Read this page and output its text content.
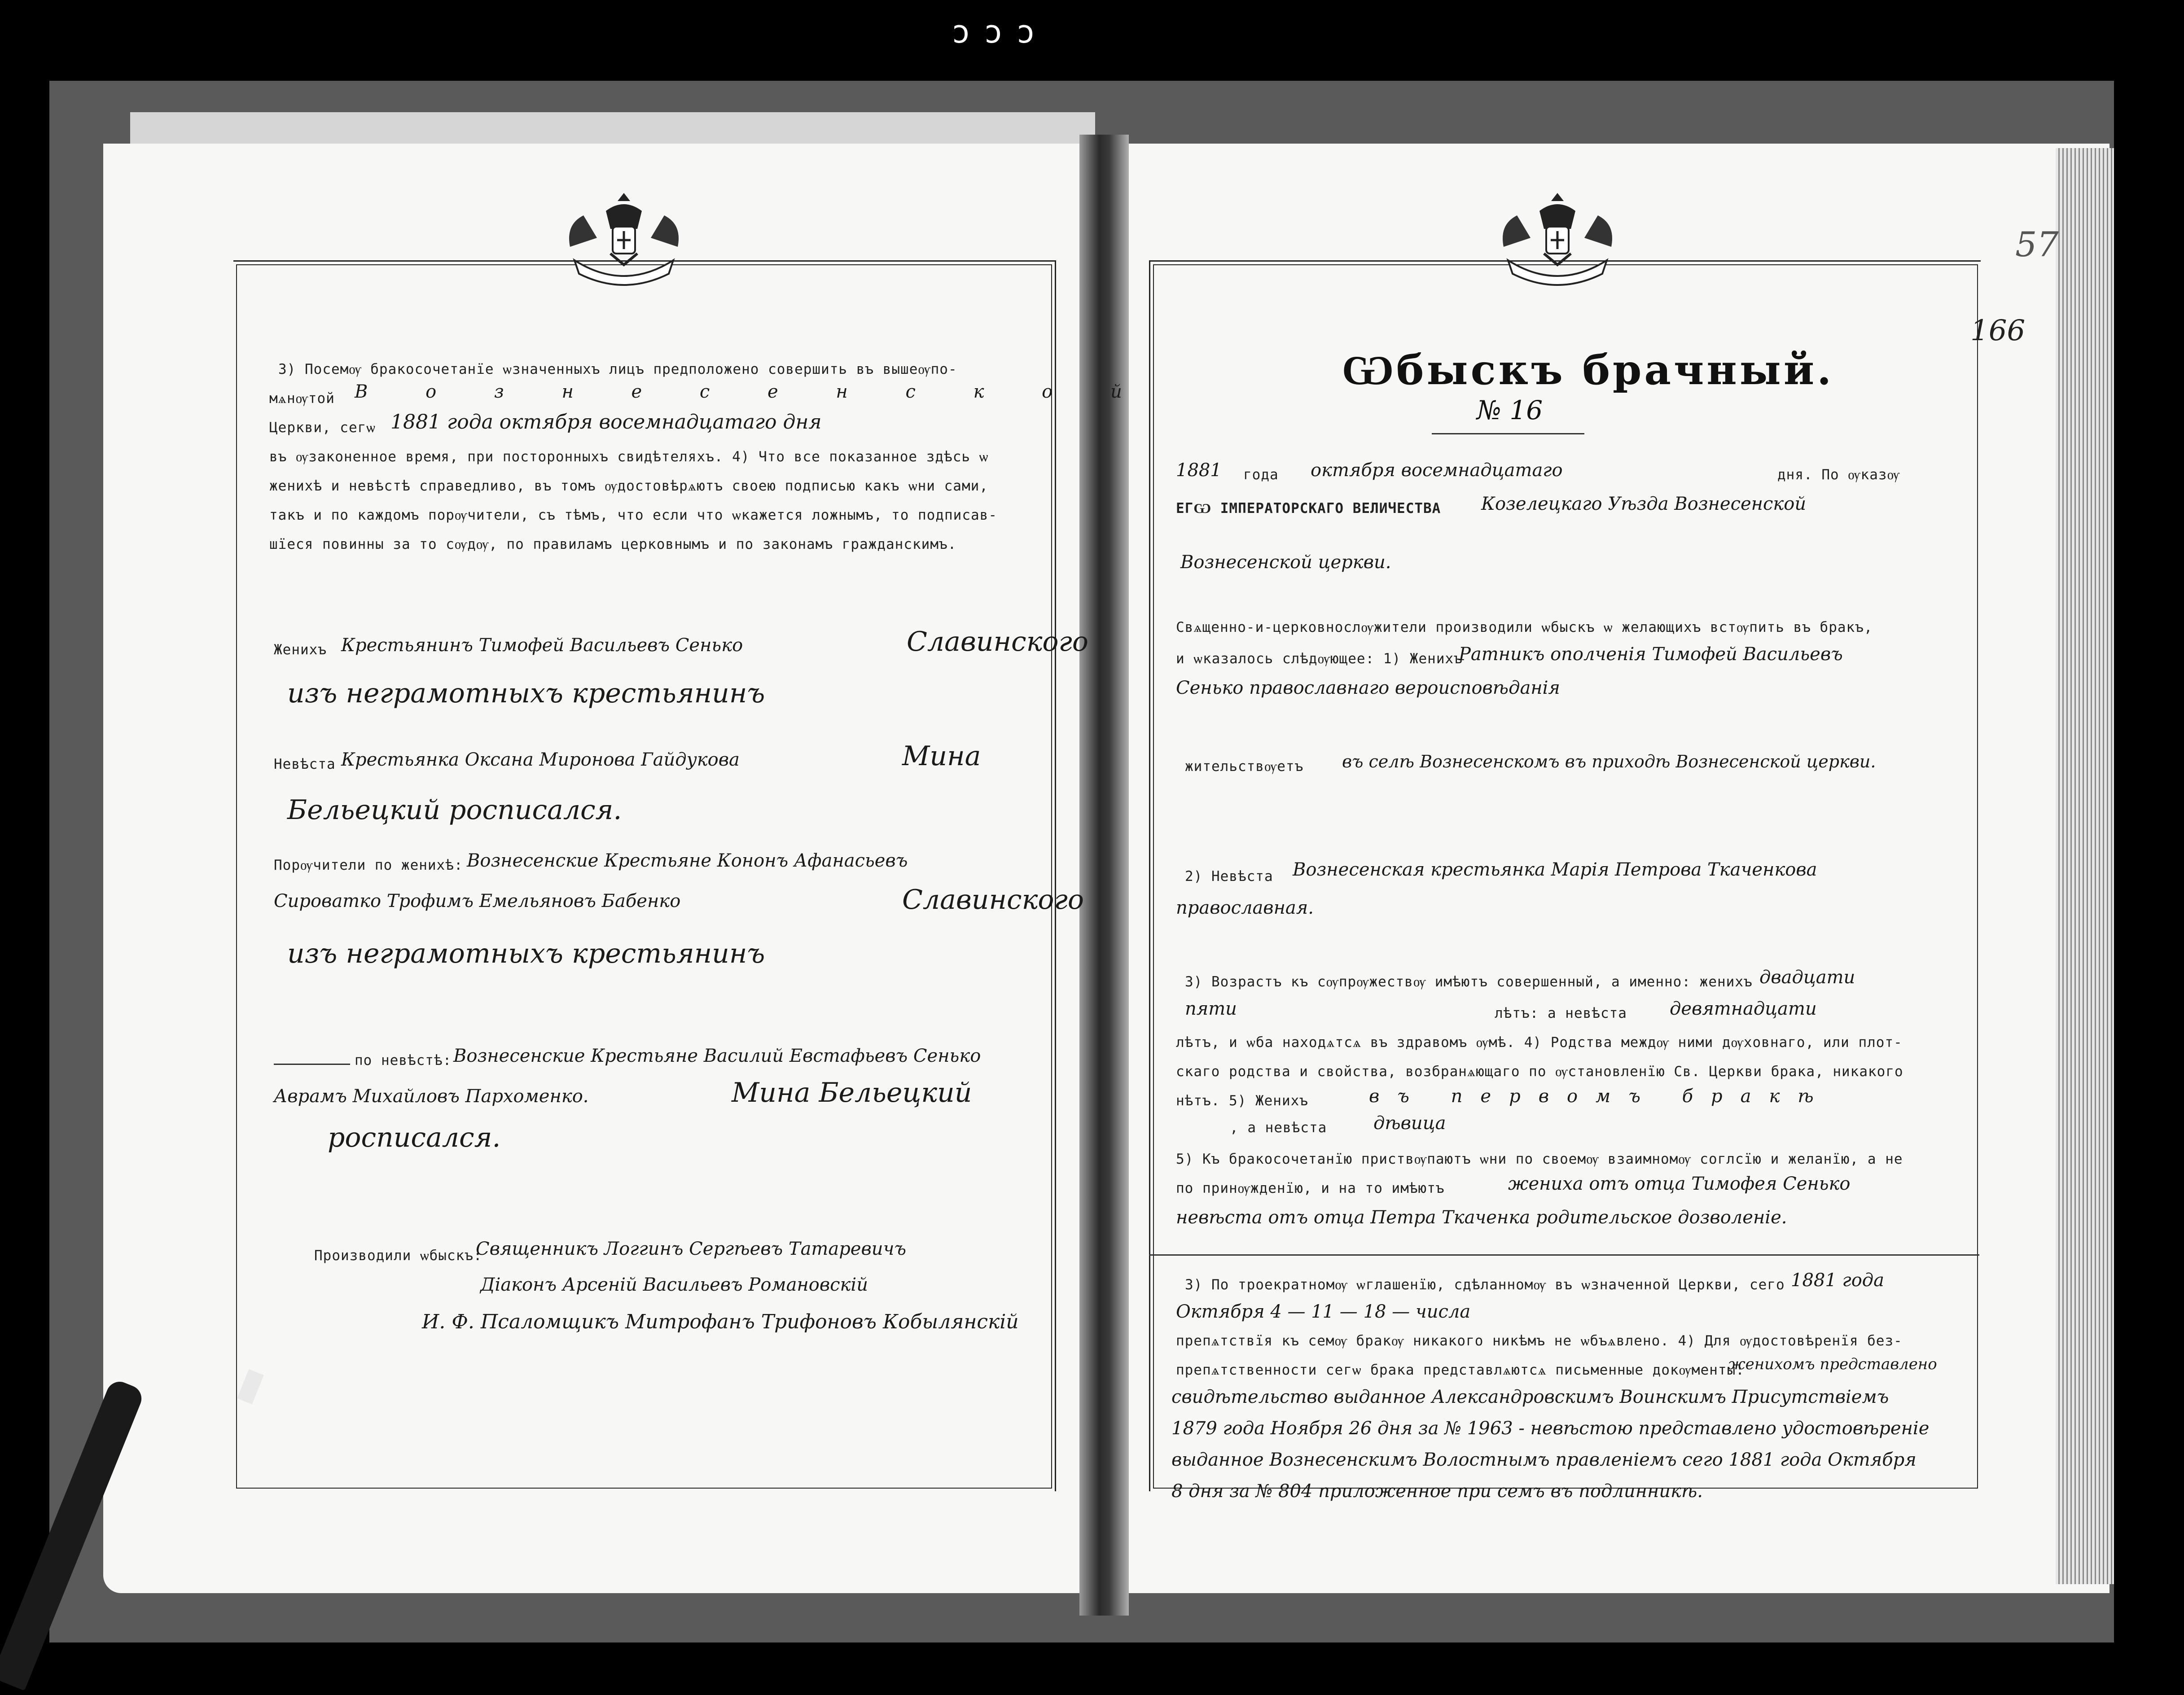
ɔɔɔ
3) Посемѹ бракосочетанїе ѡзначенныхъ лицъ предположено совершить въ вышеѹпо-
мѧнѹтой В о з н е с е н с к о й
Церкви, сегѡ 1881 года октября восемнадцатаго дня
въ ѹзаконенное время, при посторонныхъ свидѣтеляхъ. 4) Что все показанное здѣсь ѡ
женихѣ и невѣстѣ справедливо, въ томъ ѹдостовѣрѧютъ своею подписью какъ ѡни сами,
такъ и по каждомъ порѹчители, съ тѣмъ, что если что ѡкажется ложнымъ, то подписав-
шїеся повинны за то сѹдѹ, по правиламъ церковнымъ и по законамъ гражданскимъ.
Женихъ Крестьянинъ Тимофей Васильевъ Сенько	Славинского
изъ неграмотныхъ крестьянинъ
Невѣста Крестьянка Оксана Миронова Гайдукова	Мина
Бельецкий росписался.
Порѹчители по женихѣ: Вознесенские Крестьяне Кононъ Афанасьевъ
Сироватко Трофимъ Емельяновъ Бабенко	Славинского
изъ неграмотныхъ крестьянинъ
по невѣстѣ: Вознесенские Крестьяне Василий Евстафьевъ Сенько
Аврамъ Михайловъ Пархоменко.	Мина Бельецкий
росписался.
Производили ѡбыскъ:
Священникъ Логгинъ Сергѣевъ Татаревичъ
Діаконъ Арсеній Васильевъ Романовскій
И. Ф. Псаломщикъ Митрофанъ Трифоновъ Кобылянскій
57
166
Ѡбыскъ брачный.
№ 16
1881 года октября восемнадцатаго	дня. По ѹказѹ
ЕГѠ ІМПЕРАТОРСКАГО ВЕЛИЧЕСТВА Козелецкаго Уѣзда Вознесенской
Вознесенской церкви.
Свѧщенно-и-церковнослѹжители производили ѡбыскъ ѡ желающихъ встѹпить въ бракъ,
и ѡказалось слѣдѹющее: 1) Женихъ
Ратникъ ополченія Тимофей Васильевъ
Сенько православнаго вероисповѣданія
жительствѹетъ въ селѣ Вознесенскомъ въ приходѣ Вознесенской церкви.
2) Невѣста Вознесенская крестьянка Марія Петрова Ткаченкова
православная.
3) Возрастъ къ сѹпрѹжествѹ имѣютъ совершенный, а именно: женихъ двадцати
пяти	лѣтъ: а невѣста девятнадцати
лѣтъ, и ѡба находѧтсѧ въ здравомъ ѹмѣ. 4) Родства междѹ ними дѹховнаго, или плот-
скаго родства и свойства, возбранѧющаго по ѹстановленїю Св. Церкви брака, никакого
нѣтъ. 5) Женихъ	въ первомъ бракѣ
, а невѣста	дѣвица
5) Къ бракосочетанїю приствѹпаютъ ѡни по своемѹ взаимномѹ соглсїю и желанїю, а не
по принѹжденїю, и на то имѣютъ	жениха отъ отца Тимофея Сенько
невѣста отъ отца Петра Ткаченка родительское дозволеніе.
3) По троекратномѹ ѡглашенїю, сдѣланномѹ въ ѡзначенной Церкви, сего 1881 года
Октября 4 — 11 — 18 — числа
препѧтствїя къ семѹ бракѹ никакого никѣмъ не ѡбъѧвлено. 4) Для ѹдостовѣренїя без-
препѧтственности сегѡ брака представлѧютсѧ письменные докѹменты:
женихомъ представлено
свидѣтельство выданное Александровскимъ Воинскимъ Присутствіемъ
1879 года Ноября 26 дня за № 1963 - невѣстою представлено удостовѣреніе
выданное Вознесенскимъ Волостнымъ правленіемъ сего 1881 года Октября
8 дня за № 804 приложенное при семъ въ подлинникѣ.
